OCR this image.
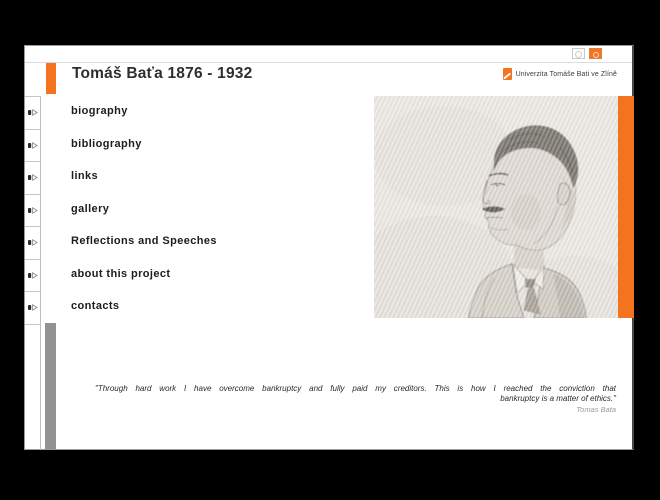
Tomáš Baťa 1876 - 1932	Univerzita Tomáše Bati ve Zlíně
biography
bibliography
links
gallery
Reflections and Speeches
about this project
contacts
"Through hard work I have overcome bankruptcy and fully paid my creditors. This is how I reached the conviction that
bankruptcy is a matter of ethics."
Tomas Bata
